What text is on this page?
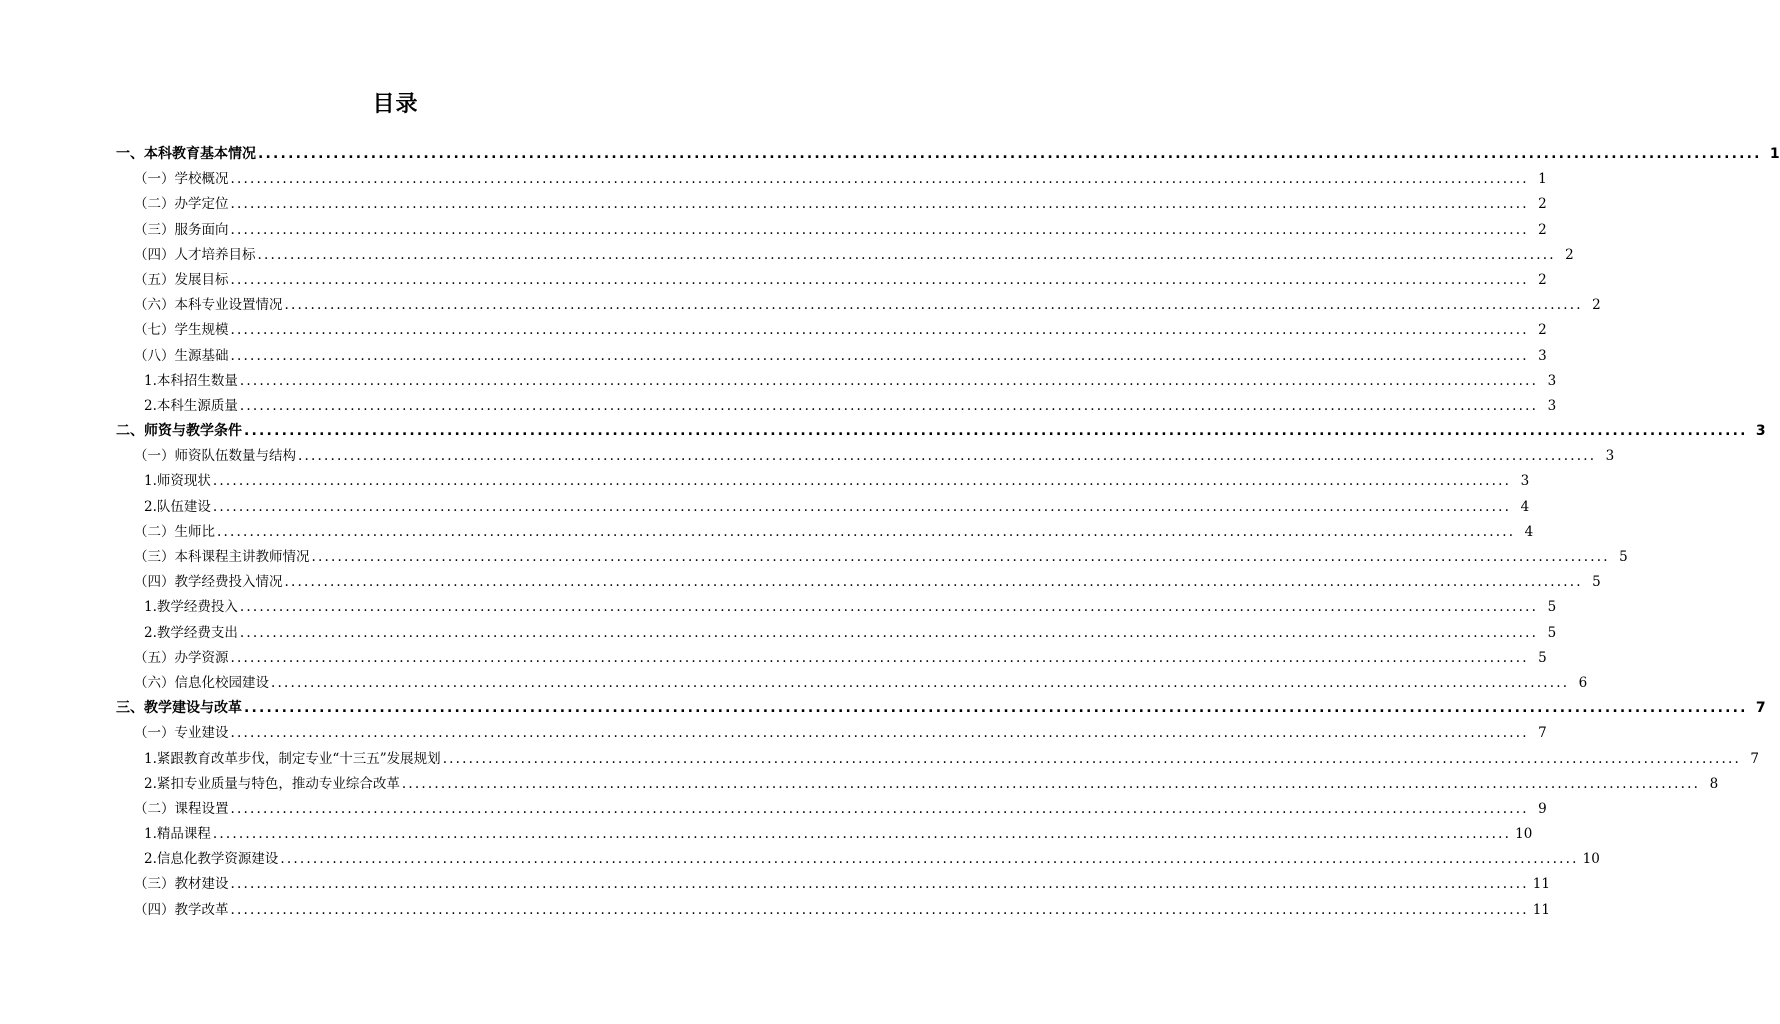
目录
一、本科教育基本情况 ........................................................................................................................................................................................................ 1
（一）学校概况 ........................................................................................................................................................................................................ 1
（二）办学定位 ........................................................................................................................................................................................................ 2
（三）服务面向 ........................................................................................................................................................................................................ 2
（四）人才培养目标 ........................................................................................................................................................................................................ 2
（五）发展目标 ........................................................................................................................................................................................................ 2
（六）本科专业设置情况 ........................................................................................................................................................................................................ 2
（七）学生规模 ........................................................................................................................................................................................................ 2
（八）生源基础 ........................................................................................................................................................................................................ 3
1.本科招生数量 ........................................................................................................................................................................................................ 3
2.本科生源质量 ........................................................................................................................................................................................................ 3
二、师资与教学条件 ........................................................................................................................................................................................................ 3
（一）师资队伍数量与结构 ........................................................................................................................................................................................................ 3
1.师资现状 ........................................................................................................................................................................................................ 3
2.队伍建设 ........................................................................................................................................................................................................ 4
（二）生师比 ........................................................................................................................................................................................................ 4
（三）本科课程主讲教师情况 ........................................................................................................................................................................................................ 5
（四）教学经费投入情况 ........................................................................................................................................................................................................ 5
1.教学经费投入 ........................................................................................................................................................................................................ 5
2.教学经费支出 ........................................................................................................................................................................................................ 5
（五）办学资源 ........................................................................................................................................................................................................ 5
（六）信息化校园建设 ........................................................................................................................................................................................................ 6
三、教学建设与改革 ........................................................................................................................................................................................................ 7
（一）专业建设 ........................................................................................................................................................................................................ 7
1.紧跟教育改革步伐，制定专业“十三五”发展规划 ........................................................................................................................................................................................................ 7
2.紧扣专业质量与特色，推动专业综合改革 ........................................................................................................................................................................................................ 8
（二）课程设置 ........................................................................................................................................................................................................ 9
1.精品课程 ........................................................................................................................................................................................................ 10
2.信息化教学资源建设 ........................................................................................................................................................................................................ 10
（三）教材建设 ........................................................................................................................................................................................................ 11
（四）教学改革 ........................................................................................................................................................................................................ 11
